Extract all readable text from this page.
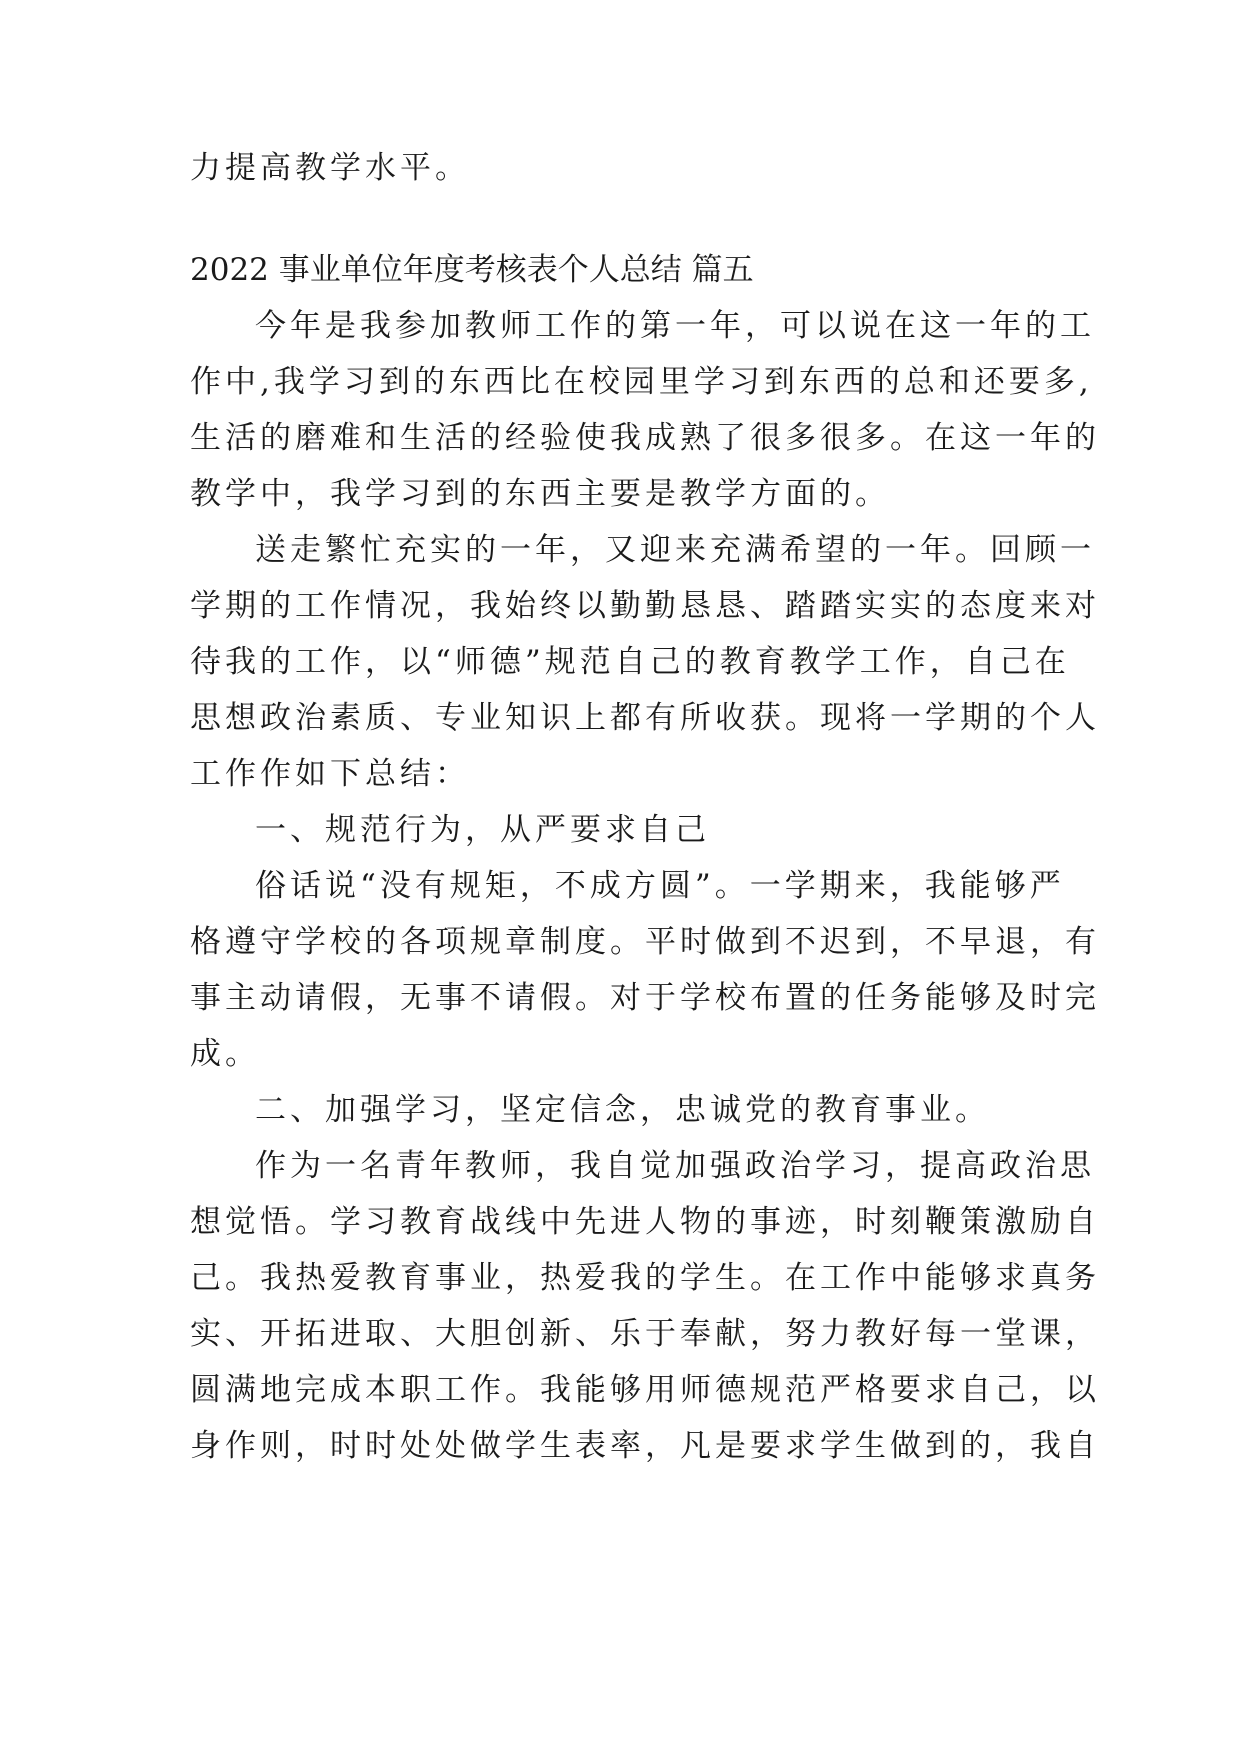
力提高教学水平。
2022 事业单位年度考核表个人总结 篇五
今年是我参加教师工作的第一年，可以说在这一年的工
作中,我学习到的东西比在校园里学习到东西的总和还要多,
生活的磨难和生活的经验使我成熟了很多很多。在这一年的
教学中，我学习到的东西主要是教学方面的。
送走繁忙充实的一年，又迎来充满希望的一年。回顾一
学期的工作情况，我始终以勤勤恳恳、踏踏实实的态度来对
待我的工作，以“师德”规范自己的教育教学工作，自己在
思想政治素质、专业知识上都有所收获。现将一学期的个人
工作作如下总结：
一、规范行为，从严要求自己
俗话说“没有规矩，不成方圆”。一学期来，我能够严
格遵守学校的各项规章制度。平时做到不迟到，不早退，有
事主动请假，无事不请假。对于学校布置的任务能够及时完
成。
二、加强学习，坚定信念，忠诚党的教育事业。
作为一名青年教师，我自觉加强政治学习，提高政治思
想觉悟。学习教育战线中先进人物的事迹，时刻鞭策激励自
己。我热爱教育事业，热爱我的学生。在工作中能够求真务
实、开拓进取、大胆创新、乐于奉献，努力教好每一堂课，
圆满地完成本职工作。我能够用师德规范严格要求自己，以
身作则，时时处处做学生表率，凡是要求学生做到的，我自
